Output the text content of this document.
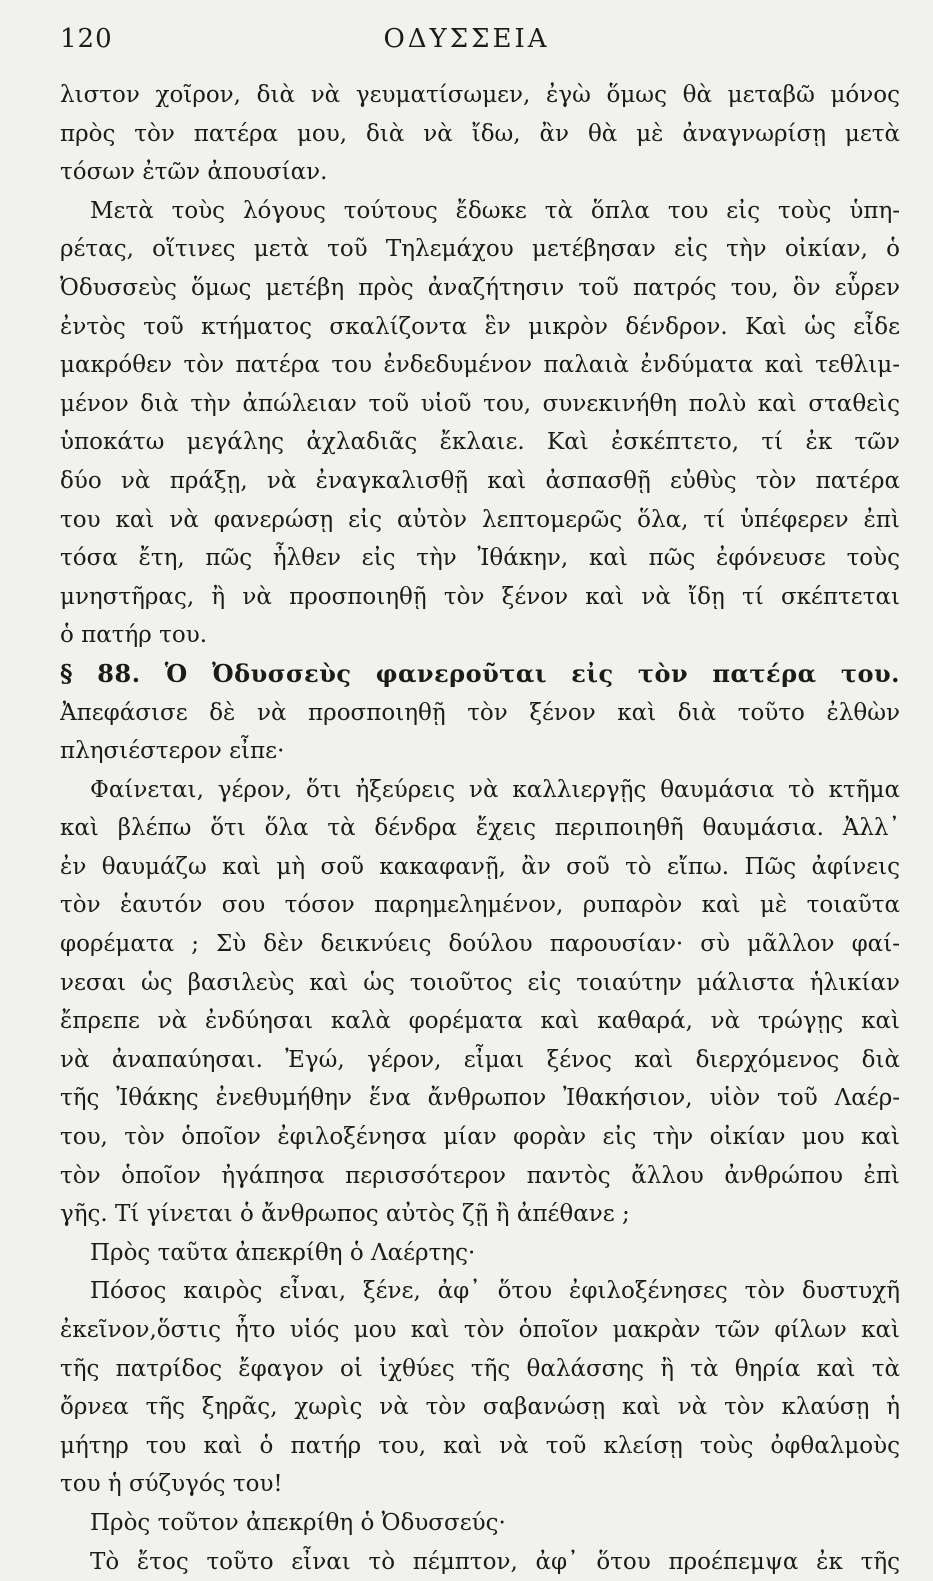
120	ΟΔΥΣΣΕΙΑ
λιστον χοῖρον, διὰ νὰ γευματίσωμεν, ἐγὼ ὅμως θὰ μεταβῶ μόνος
πρὸς τὸν πατέρα μου, διὰ νὰ ἴδω, ἂν θὰ μὲ ἀναγνωρίσῃ μετὰ
τόσων ἐτῶν ἀπουσίαν.
Μετὰ τοὺς λόγους τούτους ἔδωκε τὰ ὅπλα του εἰς τοὺς ὑπη-
ρέτας, οἵτινες μετὰ τοῦ Τηλεμάχου μετέβησαν εἰς τὴν οἰκίαν, ὁ
Ὀδυσσεὺς ὅμως μετέβη πρὸς ἀναζήτησιν τοῦ πατρός του, ὃν εὗρεν
ἐντὸς τοῦ κτήματος σκαλίζοντα ἓν μικρὸν δένδρον. Καὶ ὡς εἶδε
μακρόθεν τὸν πατέρα του ἐνδεδυμένον παλαιὰ ἐνδύματα καὶ τεθλιμ-
μένον διὰ τὴν ἀπώλειαν τοῦ υἱοῦ του, συνεκινήθη πολὺ καὶ σταθεὶς
ὑποκάτω μεγάλης ἀχλαδιᾶς ἔκλαιε. Καὶ ἐσκέπτετο, τί ἐκ τῶν
δύο νὰ πράξῃ, νὰ ἐναγκαλισθῇ καὶ ἀσπασθῇ εὐθὺς τὸν πατέρα
του καὶ νὰ φανερώσῃ εἰς αὐτὸν λεπτομερῶς ὅλα, τί ὑπέφερεν ἐπὶ
τόσα ἔτη, πῶς ἦλθεν εἰς τὴν Ἰθάκην, καὶ πῶς ἐφόνευσε τοὺς
μνηστῆρας, ἢ νὰ προσποιηθῇ τὸν ξένον καὶ νὰ ἴδῃ τί σκέπτεται
ὁ πατήρ του.
§ 88. Ὁ Ὀδυσσεὺς φανεροῦται εἰς τὸν πατέρα του.
Ἀπεφάσισε δὲ νὰ προσποιηθῇ τὸν ξένον καὶ διὰ τοῦτο ἐλθὼν
πλησιέστερον εἶπε·
Φαίνεται, γέρον, ὅτι ἠξεύρεις νὰ καλλιεργῇς θαυμάσια τὸ κτῆμα
καὶ βλέπω ὅτι ὅλα τὰ δένδρα ἔχεις περιποιηθῆ θαυμάσια. Ἀλλ᾽
ἐν θαυμάζω καὶ μὴ σοῦ κακαφανῇ, ἂν σοῦ τὸ εἴπω. Πῶς ἀφίνεις
τὸν ἑαυτόν σου τόσον παρημελημένον, ρυπαρὸν καὶ μὲ τοιαῦτα
φορέματα ; Σὺ δὲν δεικνύεις δούλου παρουσίαν· σὺ μᾶλλον φαί-
νεσαι ὡς βασιλεὺς καὶ ὡς τοιοῦτος εἰς τοιαύτην μάλιστα ἡλικίαν
ἔπρεπε νὰ ἐνδύησαι καλὰ φορέματα καὶ καθαρά, νὰ τρώγῃς καὶ
νὰ ἀναπαύησαι. Ἐγώ, γέρον, εἶμαι ξένος καὶ διερχόμενος διὰ
τῆς Ἰθάκης ἐνεθυμήθην ἕνα ἄνθρωπον Ἰθακήσιον, υἱὸν τοῦ Λαέρ-
του, τὸν ὁποῖον ἐφιλοξένησα μίαν φορὰν εἰς τὴν οἰκίαν μου καὶ
τὸν ὁποῖον ἠγάπησα περισσότερον παντὸς ἄλλου ἀνθρώπου ἐπὶ
γῆς. Τί γίνεται ὁ ἄνθρωπος αὐτὸς ζῇ ἢ ἀπέθανε ;
Πρὸς ταῦτα ἀπεκρίθη ὁ Λαέρτης·
Πόσος καιρὸς εἶναι, ξένε, ἀφ᾽ ὅτου ἐφιλοξένησες τὸν δυστυχῆ
ἐκεῖνον,ὅστις ἦτο υἱός μου καὶ τὸν ὁποῖον μακρὰν τῶν φίλων καὶ
τῆς πατρίδος ἔφαγον οἱ ἰχθύες τῆς θαλάσσης ἢ τὰ θηρία καὶ τὰ
ὄρνεα τῆς ξηρᾶς, χωρὶς νὰ τὸν σαβανώσῃ καὶ νὰ τὸν κλαύσῃ ἡ
μήτηρ του καὶ ὁ πατήρ του, καὶ νὰ τοῦ κλείσῃ τοὺς ὀφθαλμοὺς
του ἡ σύζυγός του!
Πρὸς τοῦτον ἀπεκρίθη ὁ Ὀδυσσεύς·
Τὸ ἔτος τοῦτο εἶναι τὸ πέμπτον, ἀφ᾽ ὅτου προέπεμψα ἐκ τῆς
